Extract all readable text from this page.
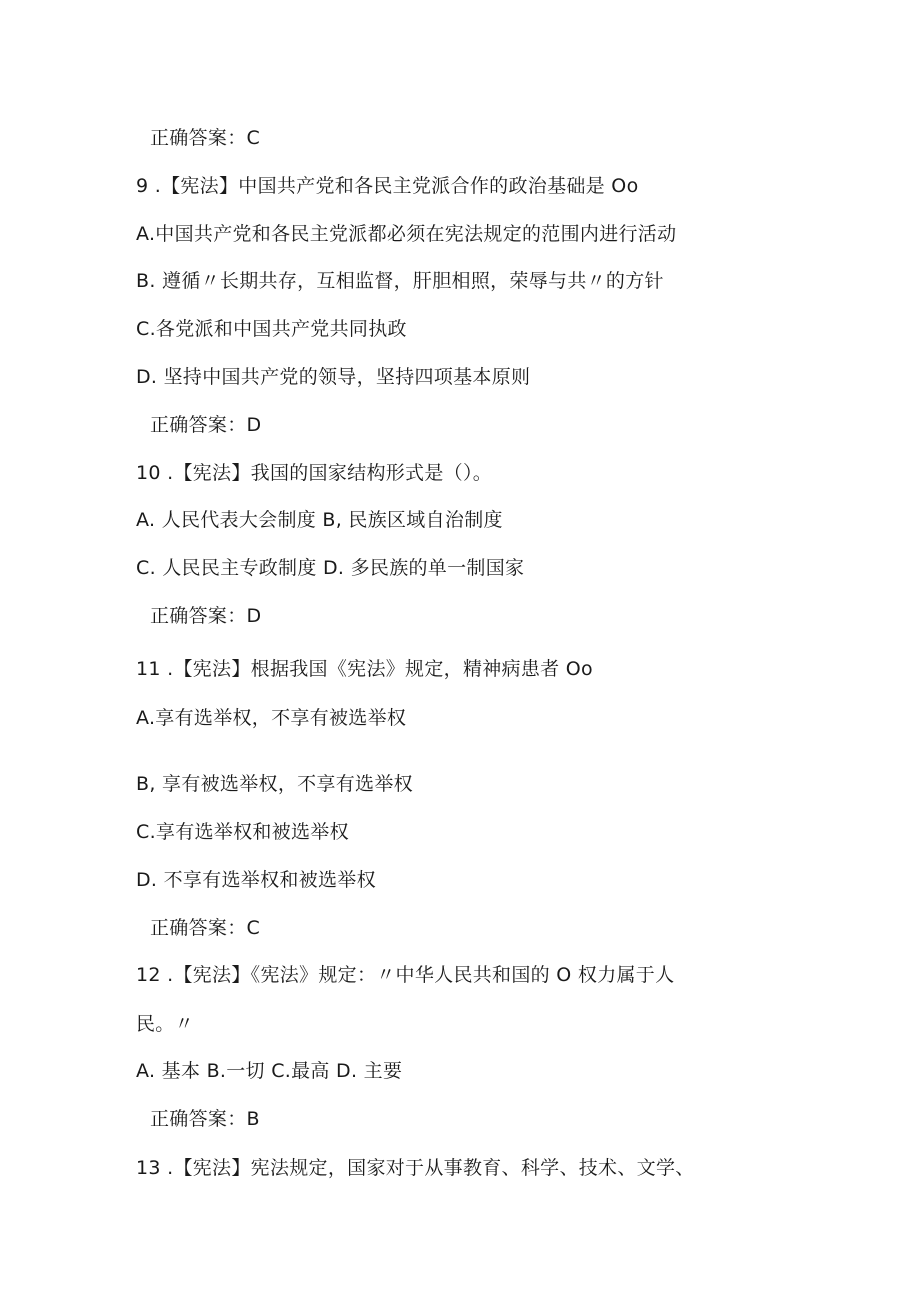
正确答案：C
9 .【宪法】中国共产党和各民主党派合作的政治基础是 Oo
A.中国共产党和各民主党派都必须在宪法规定的范围内进行活动
B. 遵循〃长期共存，互相监督，肝胆相照，荣辱与共〃的方针
C.各党派和中国共产党共同执政
D. 坚持中国共产党的领导，坚持四项基本原则
正确答案：D
10 .【宪法】我国的国家结构形式是（）。
A. 人民代表大会制度 B, 民族区域自治制度
C. 人民民主专政制度 D. 多民族的单一制国家
正确答案：D
11 .【宪法】根据我国《宪法》规定，精神病患者 Oo
A.享有选举权，不享有被选举权
B, 享有被选举权，不享有选举权
C.享有选举权和被选举权
D. 不享有选举权和被选举权
正确答案：C
12 .【宪法】《宪法》规定：〃中华人民共和国的 O 权力属于人
民。〃
A. 基本 B.一切 C.最高 D. 主要
正确答案：B
13 .【宪法】宪法规定，国家对于从事教育、科学、技术、文学、
